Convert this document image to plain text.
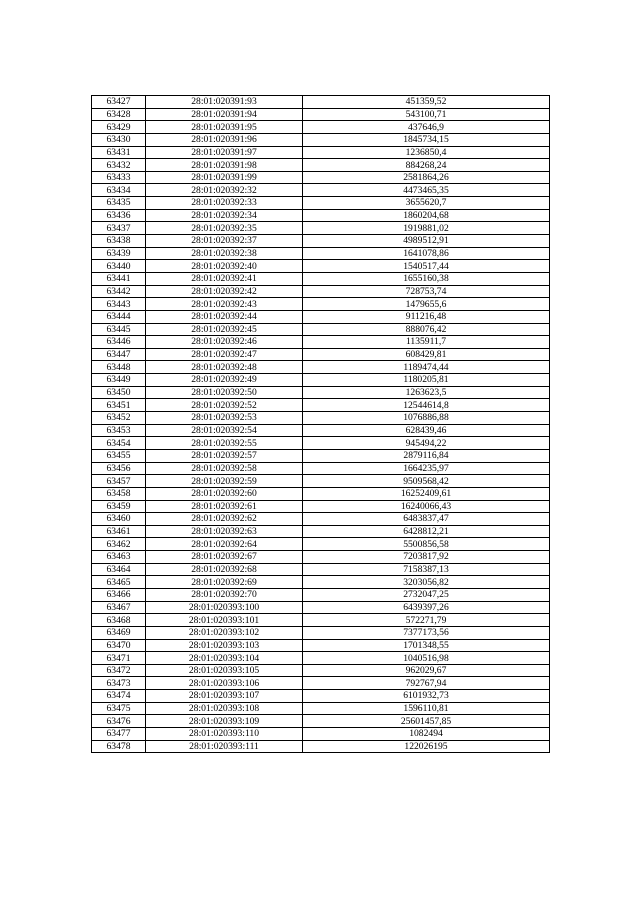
63427	28:01:020391:93	451359,52
63428	28:01:020391:94	543100,71
63429	28:01:020391:95	437646,9
63430	28:01:020391:96	1845734,15
63431	28:01:020391:97	1236850,4
63432	28:01:020391:98	884268,24
63433	28:01:020391:99	2581864,26
63434	28:01:020392:32	4473465,35
63435	28:01:020392:33	3655620,7
63436	28:01:020392:34	1860204,68
63437	28:01:020392:35	1919881,02
63438	28:01:020392:37	4989512,91
63439	28:01:020392:38	1641078,86
63440	28:01:020392:40	1540517,44
63441	28:01:020392:41	1655160,38
63442	28:01:020392:42	728753,74
63443	28:01:020392:43	1479655,6
63444	28:01:020392:44	911216,48
63445	28:01:020392:45	888076,42
63446	28:01:020392:46	1135911,7
63447	28:01:020392:47	608429,81
63448	28:01:020392:48	1189474,44
63449	28:01:020392:49	1180205,81
63450	28:01:020392:50	1263623,5
63451	28:01:020392:52	12544614,8
63452	28:01:020392:53	1076886,88
63453	28:01:020392:54	628439,46
63454	28:01:020392:55	945494,22
63455	28:01:020392:57	2879116,84
63456	28:01:020392:58	1664235,97
63457	28:01:020392:59	9509568,42
63458	28:01:020392:60	16252409,61
63459	28:01:020392:61	16240066,43
63460	28:01:020392:62	6483837,47
63461	28:01:020392:63	6428812,21
63462	28:01:020392:64	5500856,58
63463	28:01:020392:67	7203817,92
63464	28:01:020392:68	7158387,13
63465	28:01:020392:69	3203056,82
63466	28:01:020392:70	2732047,25
63467	28:01:020393:100	6439397,26
63468	28:01:020393:101	572271,79
63469	28:01:020393:102	7377173,56
63470	28:01:020393:103	1701348,55
63471	28:01:020393:104	1040516,98
63472	28:01:020393:105	962029,67
63473	28:01:020393:106	792767,94
63474	28:01:020393:107	6101932,73
63475	28:01:020393:108	1596110,81
63476	28:01:020393:109	25601457,85
63477	28:01:020393:110	1082494
63478	28:01:020393:111	122026195
